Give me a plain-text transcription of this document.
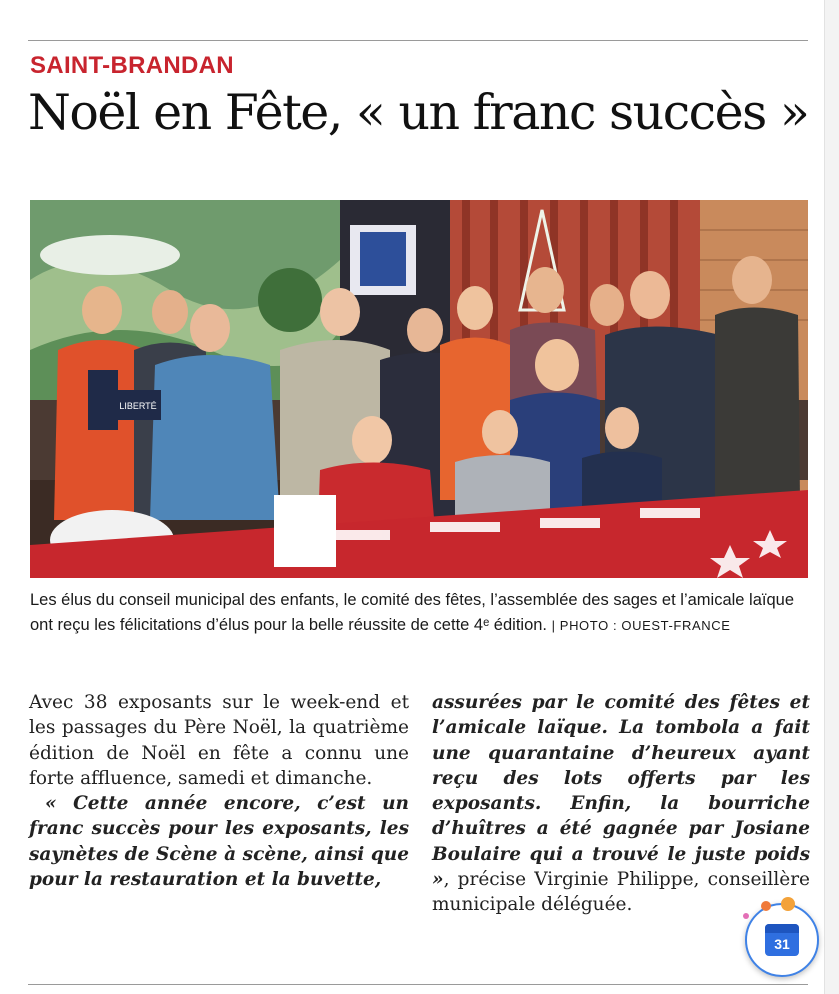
SAINT-BRANDAN
Noël en Fête, « un franc succès »
LIBERTÉ
Les élus du conseil municipal des enfants, le comité des fêtes, l’assemblée des sages et l’amicale laïque ont reçu les félicitations d’élus pour la belle réussite de cette 4ᵉ édition. | PHOTO : OUEST-FRANCE

Avec 38 exposants sur le week-end et les passages du Père Noël, la quatrième édition de Noël en fête a connu une forte affluence, samedi et dimanche.

« Cette année encore, c’est un franc succès pour les exposants, les saynètes de Scène à scène, ainsi que pour la restauration et la buvette,

assurées par le comité des fêtes et l’amicale laïque. La tombola a fait une quarantaine d’heureux ayant reçu des lots offerts par les exposants. Enfin, la bourriche d’huîtres a été gagnée par Josiane Boulaire qui a trouvé le juste poids », précise Virginie Philippe, conseillère municipale déléguée.

31
